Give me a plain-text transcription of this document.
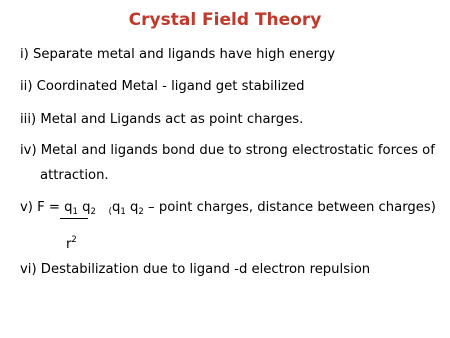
Crystal Field Theory
i) Separate metal and ligands have high energy
ii) Coordinated Metal - ligand get stabilized
iii) Metal and Ligands act as point charges.
iv) Metal and ligands bond due to strong electrostatic forces of
attraction.
v) $F = q_1$ $q_2$ $_(q_1$ $q_2$ – point charges, distance between charges)
$r^2$
vi) Destabilization due to ligand -d electron repulsion
